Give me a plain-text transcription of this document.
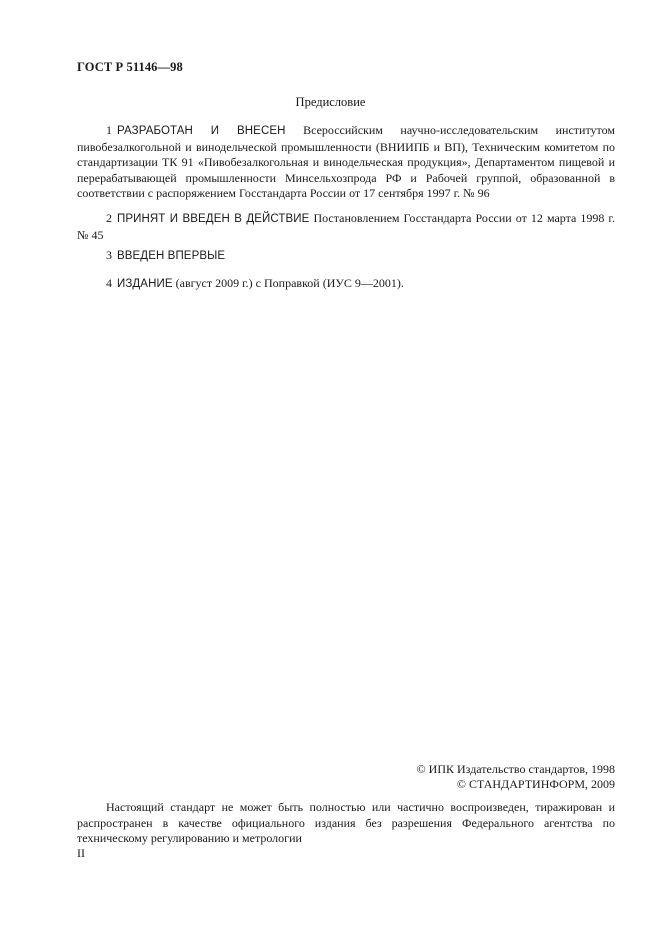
ГОСТ Р 51146—98
Предисловие

1 РАЗРАБОТАН И ВНЕСЕН Всероссийским научно-исследовательским институтом пивобезалкогольной и винодельческой промышленности (ВНИИПБ и ВП), Техническим комитетом по стандартизации ТК 91 «Пивобезалкогольная и винодельческая продукция», Департаментом пищевой и перерабатывающей промышленности Минсельхозпрода РФ и Рабочей группой, образованной в соответствии с распоряжением Госстандарта России от 17 сентября 1997 г. № 96

2 ПРИНЯТ И ВВЕДЕН В ДЕЙСТВИЕ Постановлением Госстандарта России от 12 марта 1998 г. № 45

3 ВВЕДЕН ВПЕРВЫЕ

4 ИЗДАНИЕ (август 2009 г.) с Поправкой (ИУС 9—2001).

© ИПК Издательство стандартов, 1998
© СТАНДАРТИНФОРМ, 2009

Настоящий стандарт не может быть полностью или частично воспроизведен, тиражирован и распространен в качестве официального издания без разрешения Федерального агентства по техническому регулированию и метрологии

II
